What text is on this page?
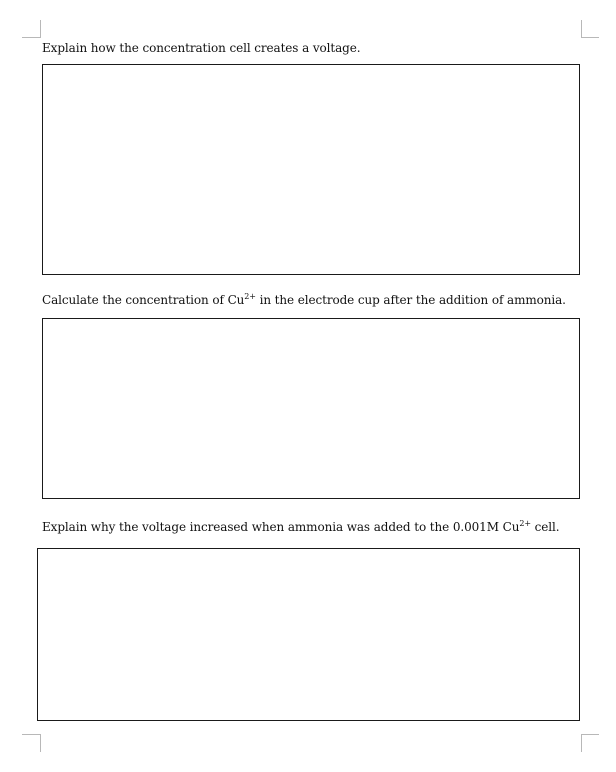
Explain how the concentration cell creates a voltage.
Calculate the concentration of $Cu^{2+}$ in the electrode cup after the addition of ammonia.
Explain why the voltage increased when ammonia was added to the 0.001M $Cu^{2+}$ cell.
